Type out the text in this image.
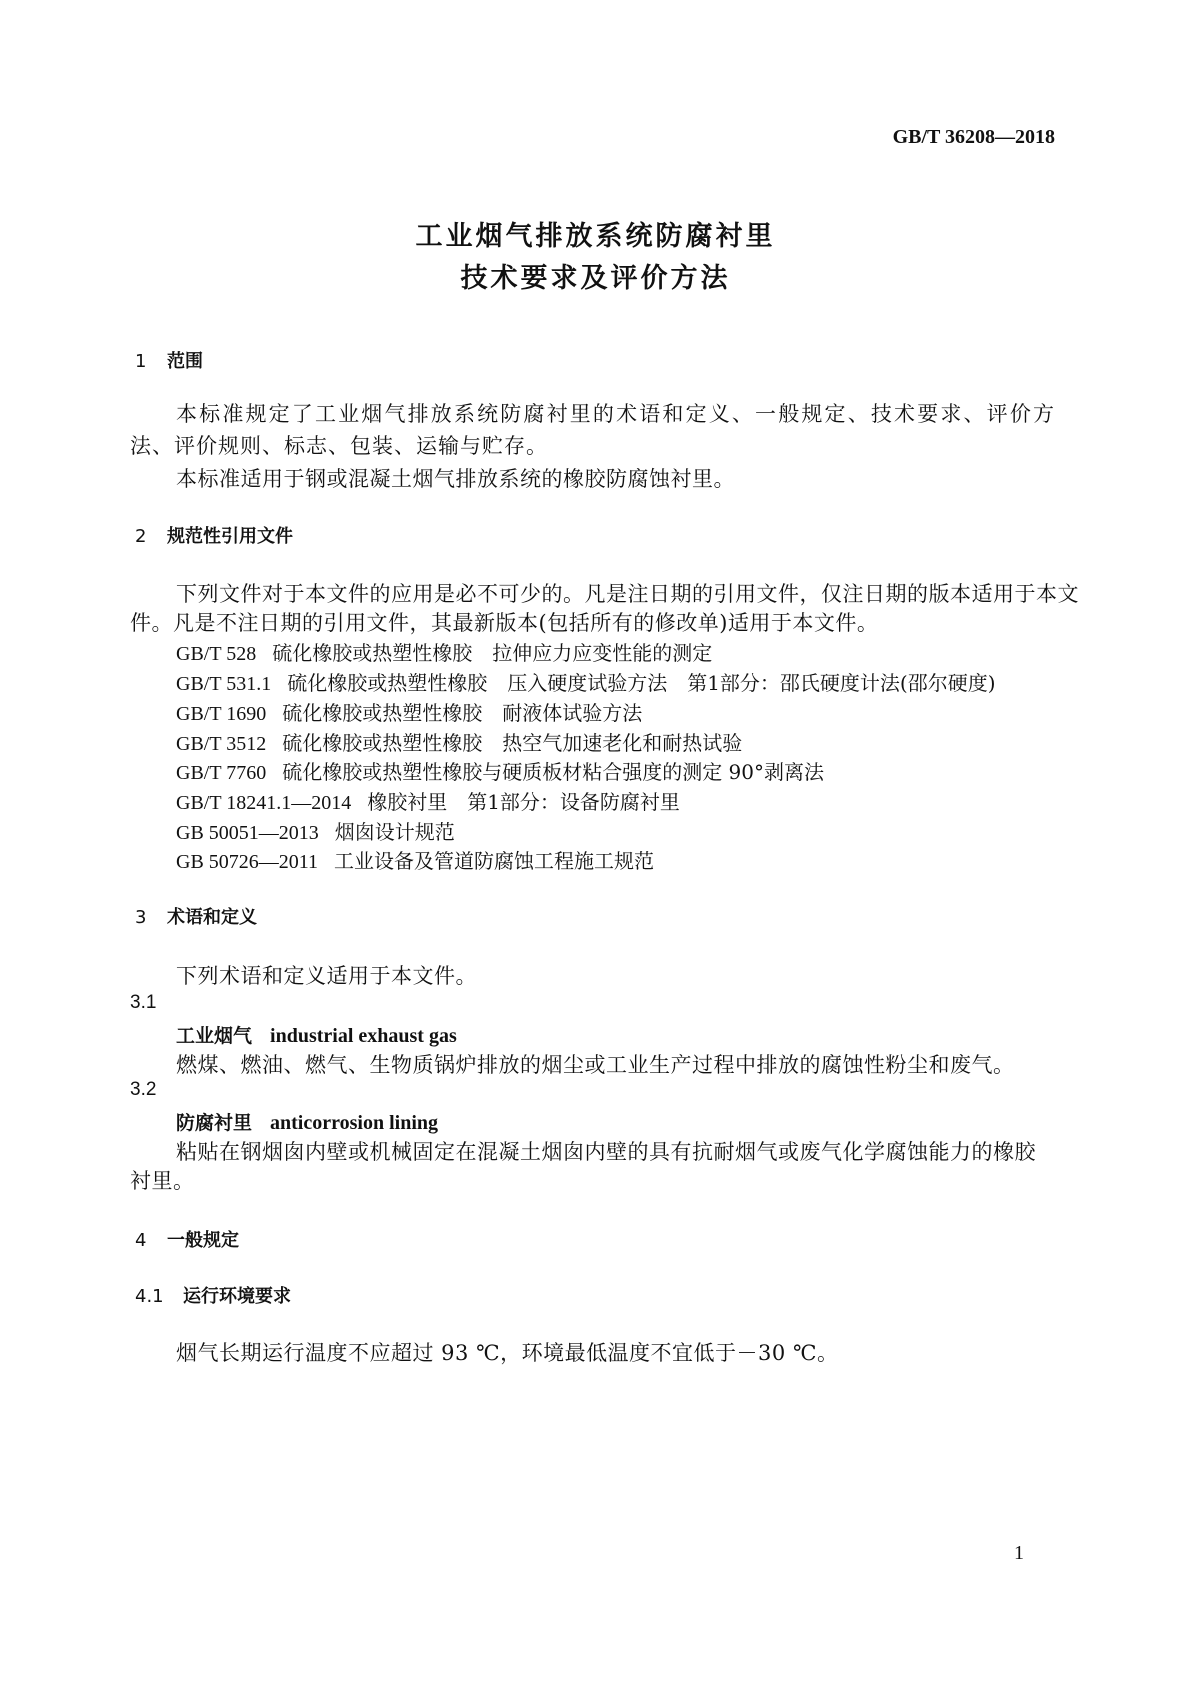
GB/T 36208—2018
工业烟气排放系统防腐衬里
技术要求及评价方法
1 范围
本标准规定了工业烟气排放系统防腐衬里的术语和定义、一般规定、技术要求、评价方法、评价规则、标志、包装、运输与贮存。
本标准适用于钢或混凝土烟气排放系统的橡胶防腐蚀衬里。
2 规范性引用文件
下列文件对于本文件的应用是必不可少的。凡是注日期的引用文件，仅注日期的版本适用于本文
件。凡是不注日期的引用文件，其最新版本(包括所有的修改单)适用于本文件。
GB/T 528 硫化橡胶或热塑性橡胶　拉伸应力应变性能的测定
GB/T 531.1 硫化橡胶或热塑性橡胶　压入硬度试验方法　第1部分：邵氏硬度计法(邵尔硬度)
GB/T 1690 硫化橡胶或热塑性橡胶　耐液体试验方法
GB/T 3512 硫化橡胶或热塑性橡胶　热空气加速老化和耐热试验
GB/T 7760 硫化橡胶或热塑性橡胶与硬质板材粘合强度的测定 90°剥离法
GB/T 18241.1—2014 橡胶衬里　第1部分：设备防腐衬里
GB 50051—2013 烟囱设计规范
GB 50726—2011 工业设备及管道防腐蚀工程施工规范
3 术语和定义
下列术语和定义适用于本文件。
3.1
工业烟气 industrial exhaust gas
燃煤、燃油、燃气、生物质锅炉排放的烟尘或工业生产过程中排放的腐蚀性粉尘和废气。
3.2
防腐衬里 anticorrosion lining
粘贴在钢烟囱内壁或机械固定在混凝土烟囱内壁的具有抗耐烟气或废气化学腐蚀能力的橡胶
衬里。
4 一般规定
4.1 运行环境要求
烟气长期运行温度不应超过 93 ℃，环境最低温度不宜低于－30 ℃。
1
